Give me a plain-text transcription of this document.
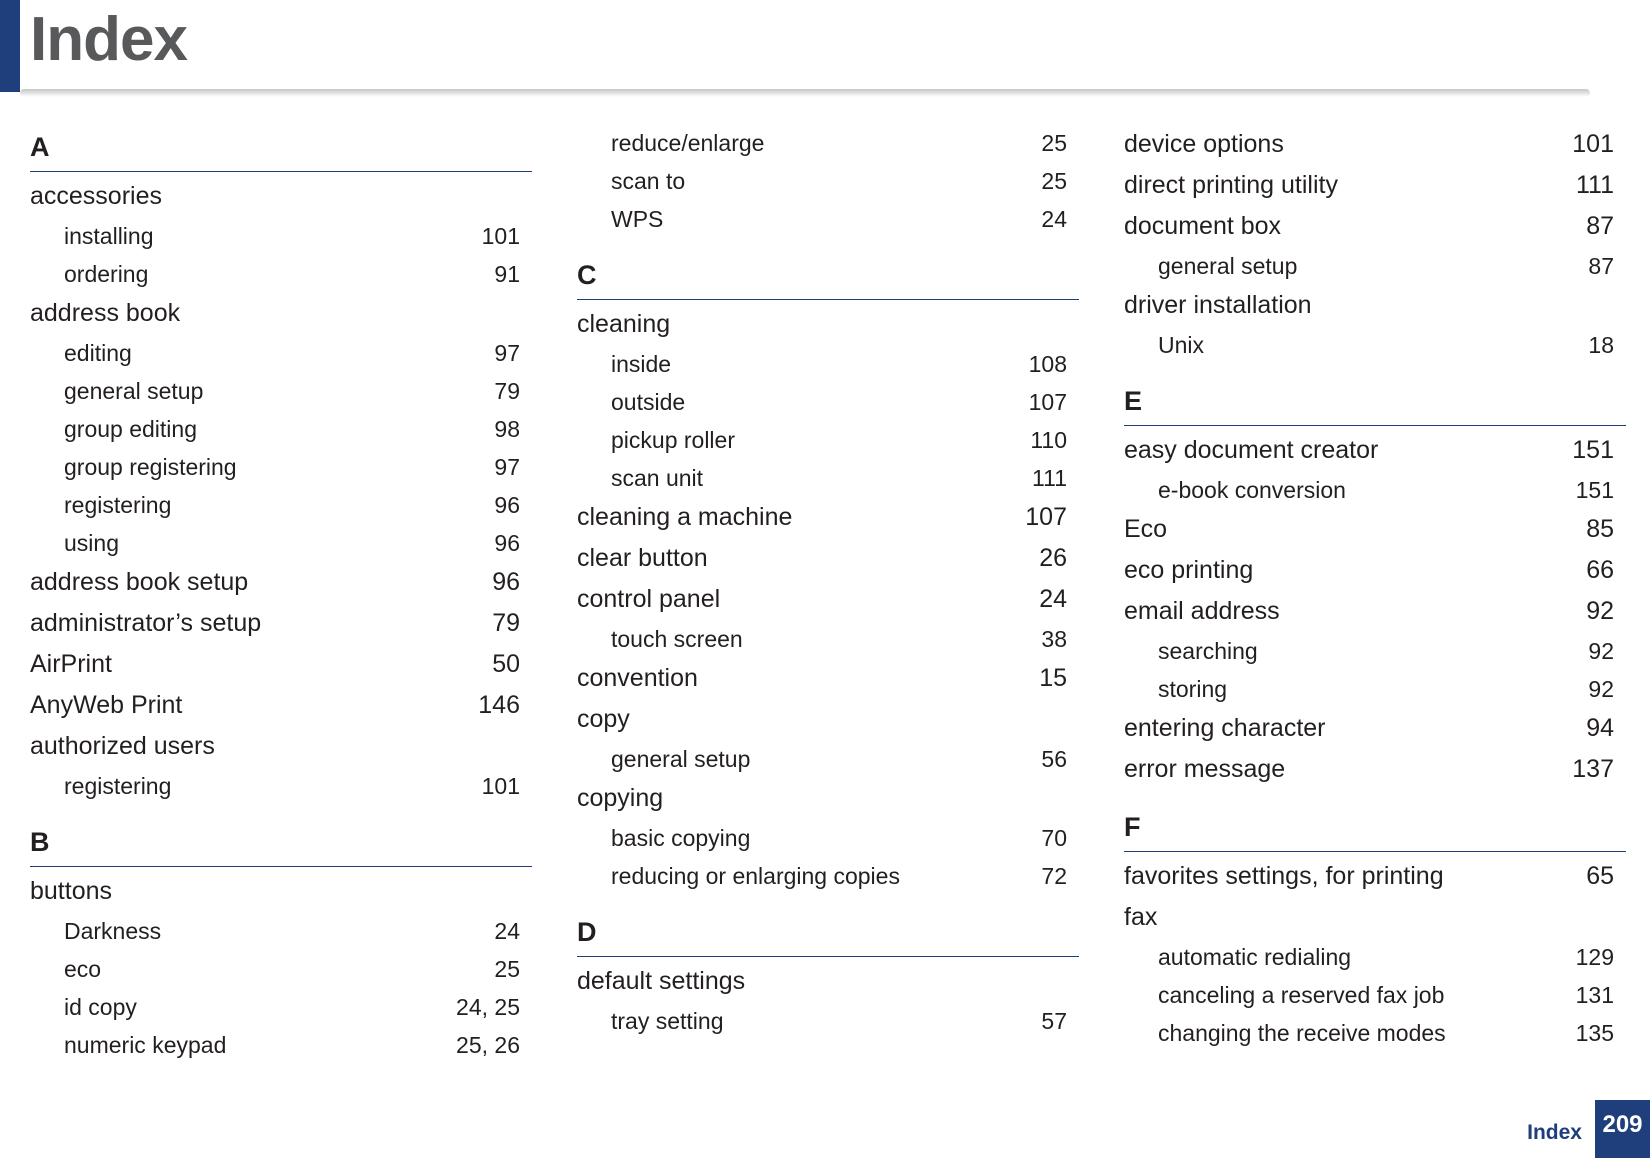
Index
A
accessories
installing	101
ordering	91
address book
editing	97
general setup	79
group editing	98
group registering	97
registering	96
using	96
address book setup	96
administrator’s setup	79
AirPrint	50
AnyWeb Print	146
authorized users
registering	101
B
buttons
Darkness	24
eco	25
id copy	24, 25
numeric keypad	25, 26
reduce/enlarge	25
scan to	25
WPS	24
C
cleaning
inside	108
outside	107
pickup roller	110
scan unit	111
cleaning a machine	107
clear button	26
control panel	24
touch screen	38
convention	15
copy
general setup	56
copying
basic copying	70
reducing or enlarging copies	72
D
default settings
tray setting	57
device options	101
direct printing utility	111
document box	87
general setup	87
driver installation
Unix	18
E
easy document creator	151
e-book conversion	151
Eco	85
eco printing	66
email address	92
searching	92
storing	92
entering character	94
error message	137
F
favorites settings, for printing	65
fax
automatic redialing	129
canceling a reserved fax job	131
changing the receive modes	135
Index 209
